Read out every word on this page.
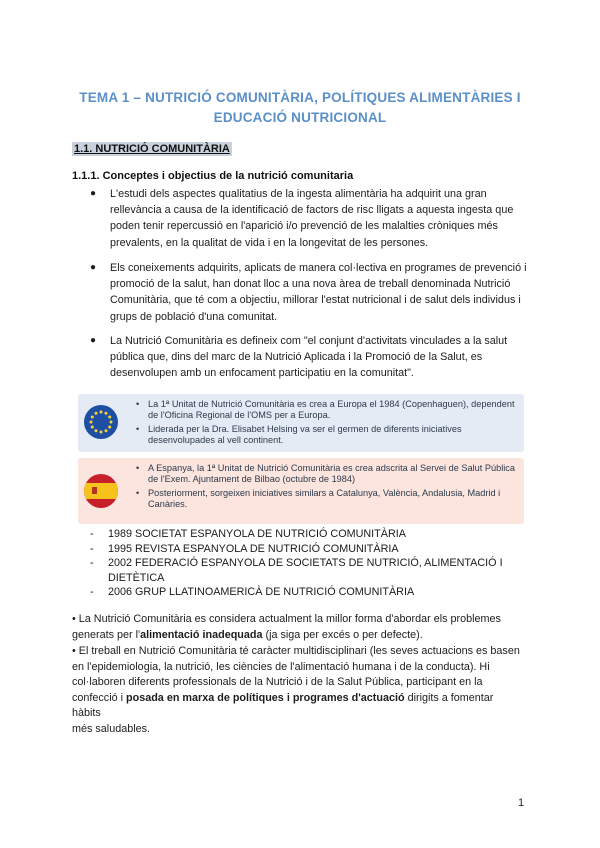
TEMA 1 – NUTRICIÓ COMUNITÀRIA, POLÍTIQUES ALIMENTÀRIES I
EDUCACIÓ NUTRICIONAL
1.1. NUTRICIÓ COMUNITÀRIA
1.1.1. Conceptes i objectius de la nutrició comunitaria
● L'estudi dels aspectes qualitatius de la ingesta alimentària ha adquirit una gran rellevància a causa de la identificació de factors de risc lligats a aquesta ingesta que poden tenir repercussió en l'aparició i/o prevenció de les malalties cròniques més prevalents, en la qualitat de vida i en la longevitat de les persones.
● Els coneixements adquirits, aplicats de manera col·lectiva en programes de prevenció i promoció de la salut, han donat lloc a una nova àrea de treball denominada Nutrició Comunitària, que té com a objectiu, millorar l'estat nutricional i de salut dels individus i grups de població d'una comunitat.
● La Nutrició Comunitària es defineix com "el conjunt d'activitats vinculades a la salut pública que, dins del marc de la Nutrició Aplicada i la Promoció de la Salut, es desenvolupen amb un enfocament participatiu en la comunitat".
• La 1ª Unitat de Nutrició Comunitària es crea a Europa el 1984 (Copenhaguen), dependent de l'Oficina Regional de l'OMS per a Europa.
• Liderada per la Dra. Elisabet Helsing va ser el germen de diferents iniciatives desenvolupades al vell continent.
• A Espanya, la 1ª Unitat de Nutrició Comunitària es crea adscrita al Servei de Salut Pública de l'Exem. Ajuntament de Bilbao (octubre de 1984)
• Posteriorment, sorgeixen iniciatives similars a Catalunya, València, Andalusia, Madrid i Canàries.
- 1989 SOCIETAT ESPANYOLA DE NUTRICIÓ COMUNITÀRIA
- 1995 REVISTA ESPANYOLA DE NUTRICIÓ COMUNITÀRIA
- 2002 FEDERACIÓ ESPANYOLA DE SOCIETATS DE NUTRICIÓ, ALIMENTACIÓ I DIETÈTICA
- 2006 GRUP LLATINOAMERICÀ DE NUTRICIÓ COMUNITÀRIA
• La Nutrició Comunitària es considera actualment la millor forma d'abordar els problemes generats per l'alimentació inadequada (ja siga per excés o per defecte).
• El treball en Nutrició Comunitària té caràcter multidisciplinari (les seves actuacions es basen
en l'epidemiologia, la nutrició, les ciències de l'alimentació humana i de la conducta). Hi col·laboren diferents professionals de la Nutrició i de la Salut Pública, participant en la confecció i posada en marxa de polítiques i programes d'actuació dirigits a fomentar hàbits
més saludables.
1
